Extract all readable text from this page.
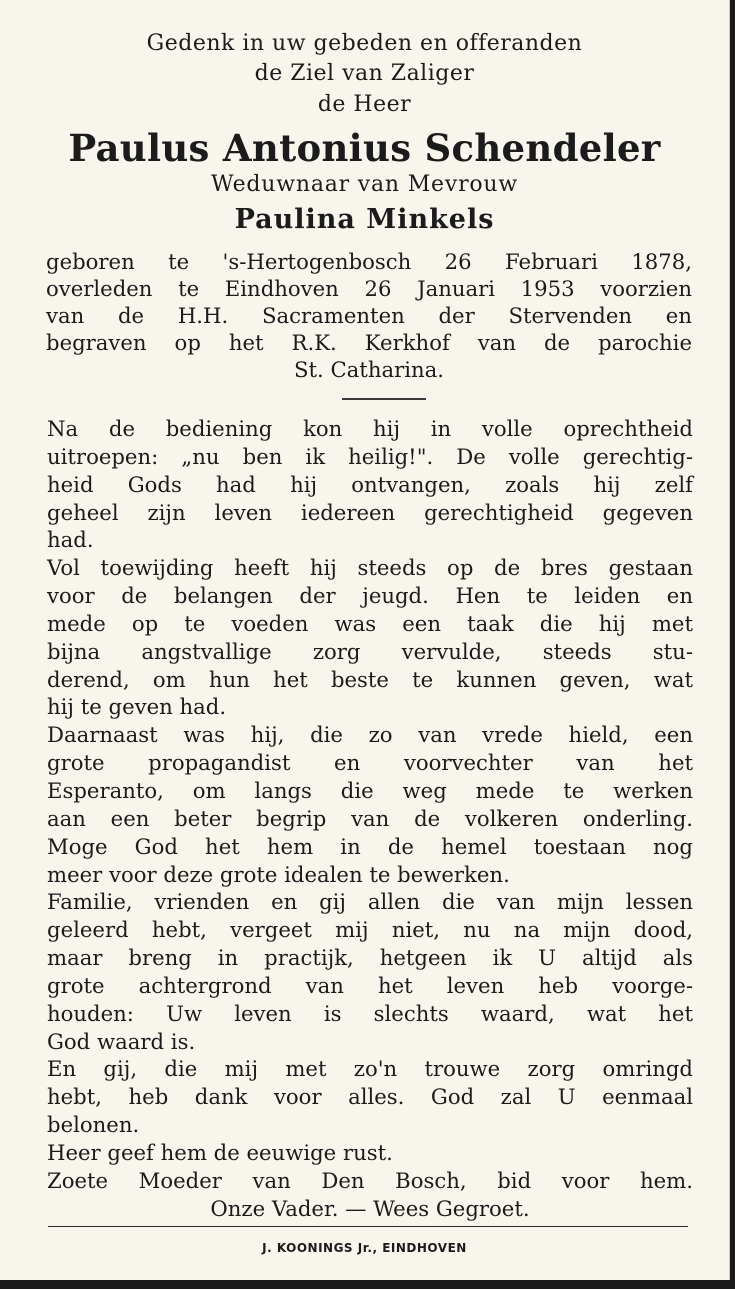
Gedenk in uw gebeden en offeranden
de Ziel van Zaliger
de Heer
Paulus Antonius Schendeler
Weduwnaar van Mevrouw
Paulina Minkels
geboren te 's-Hertogenbosch 26 Februari 1878,
overleden te Eindhoven 26 Januari 1953 voorzien
van de H.H. Sacramenten der Stervenden en
begraven op het R.K. Kerkhof van de parochie
St. Catharina.
Na de bediening kon hij in volle oprechtheid
uitroepen: „nu ben ik heilig!". De volle gerechtig-
heid Gods had hij ontvangen, zoals hij zelf
geheel zijn leven iedereen gerechtigheid gegeven
had.
Vol toewijding heeft hij steeds op de bres gestaan
voor de belangen der jeugd. Hen te leiden en
mede op te voeden was een taak die hij met
bijna angstvallige zorg vervulde, steeds stu-
derend, om hun het beste te kunnen geven, wat
hij te geven had.
Daarnaast was hij, die zo van vrede hield, een
grote propagandist en voorvechter van het
Esperanto, om langs die weg mede te werken
aan een beter begrip van de volkeren onderling.
Moge God het hem in de hemel toestaan nog
meer voor deze grote idealen te bewerken.
Familie, vrienden en gij allen die van mijn lessen
geleerd hebt, vergeet mij niet, nu na mijn dood,
maar breng in practijk, hetgeen ik U altijd als
grote achtergrond van het leven heb voorge-
houden: Uw leven is slechts waard, wat het
God waard is.
En gij, die mij met zo'n trouwe zorg omringd
hebt, heb dank voor alles. God zal U eenmaal
belonen.
Heer geef hem de eeuwige rust.
Zoete Moeder van Den Bosch, bid voor hem.
Onze Vader. — Wees Gegroet.
J. KOONINGS Jr., EINDHOVEN
